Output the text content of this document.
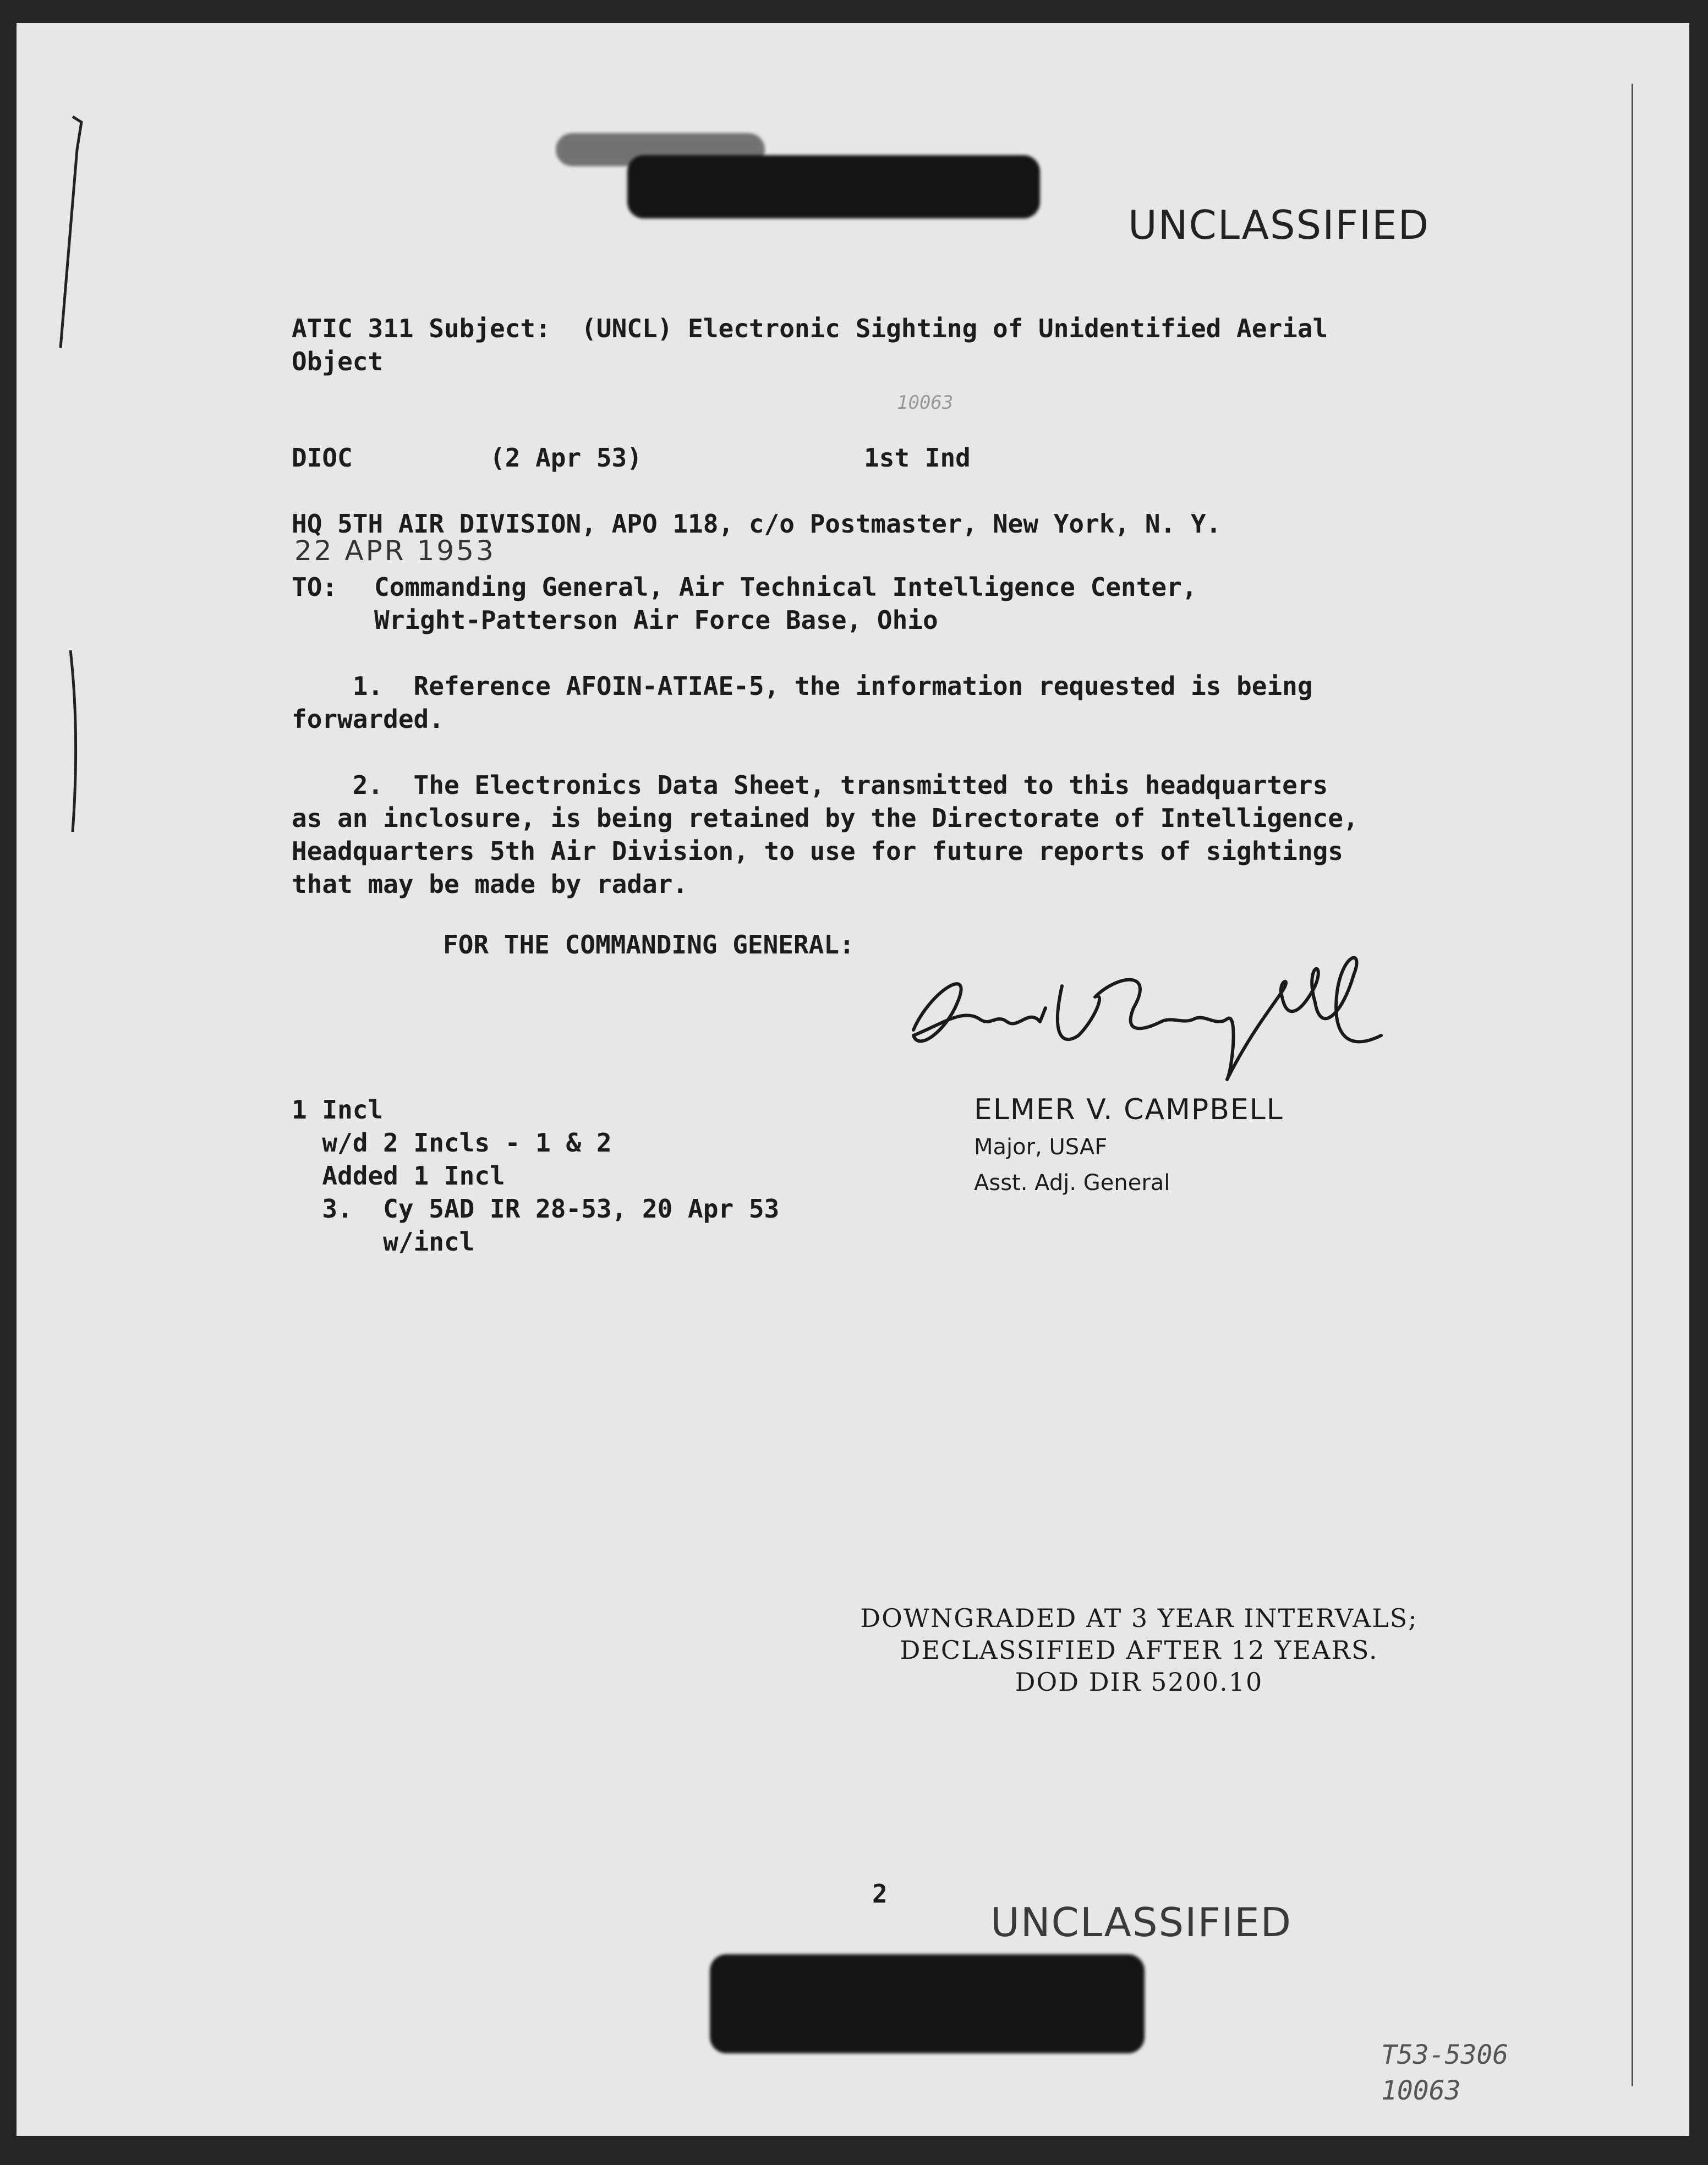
UNCLASSIFIED
ATIC 311 Subject:  (UNCL) Electronic Sighting of Unidentified Aerial
Object
10063
DIOC	(2 Apr 53)	1st Ind
HQ 5TH AIR DIVISION, APO 118, c/o Postmaster, New York, N. Y.
22 APR 1953
TO: Commanding General, Air Technical Intelligence Center,
Wright-Patterson Air Force Base, Ohio
1.  Reference AFOIN-ATIAE-5, the information requested is being
forwarded.
2.  The Electronics Data Sheet, transmitted to this headquarters
as an inclosure, is being retained by the Directorate of Intelligence,
Headquarters 5th Air Division, to use for future reports of sightings
that may be made by radar.
FOR THE COMMANDING GENERAL:
1 Incl
w/d 2 Incls - 1 & 2
Added 1 Incl
3.  Cy 5AD IR 28-53, 20 Apr 53
w/incl
ELMER V. CAMPBELL
Major, USAF
Asst. Adj. General
DOWNGRADED AT 3 YEAR INTERVALS;
DECLASSIFIED AFTER 12 YEARS.
DOD DIR 5200.10
2
UNCLASSIFIED
T53-5306
10063
